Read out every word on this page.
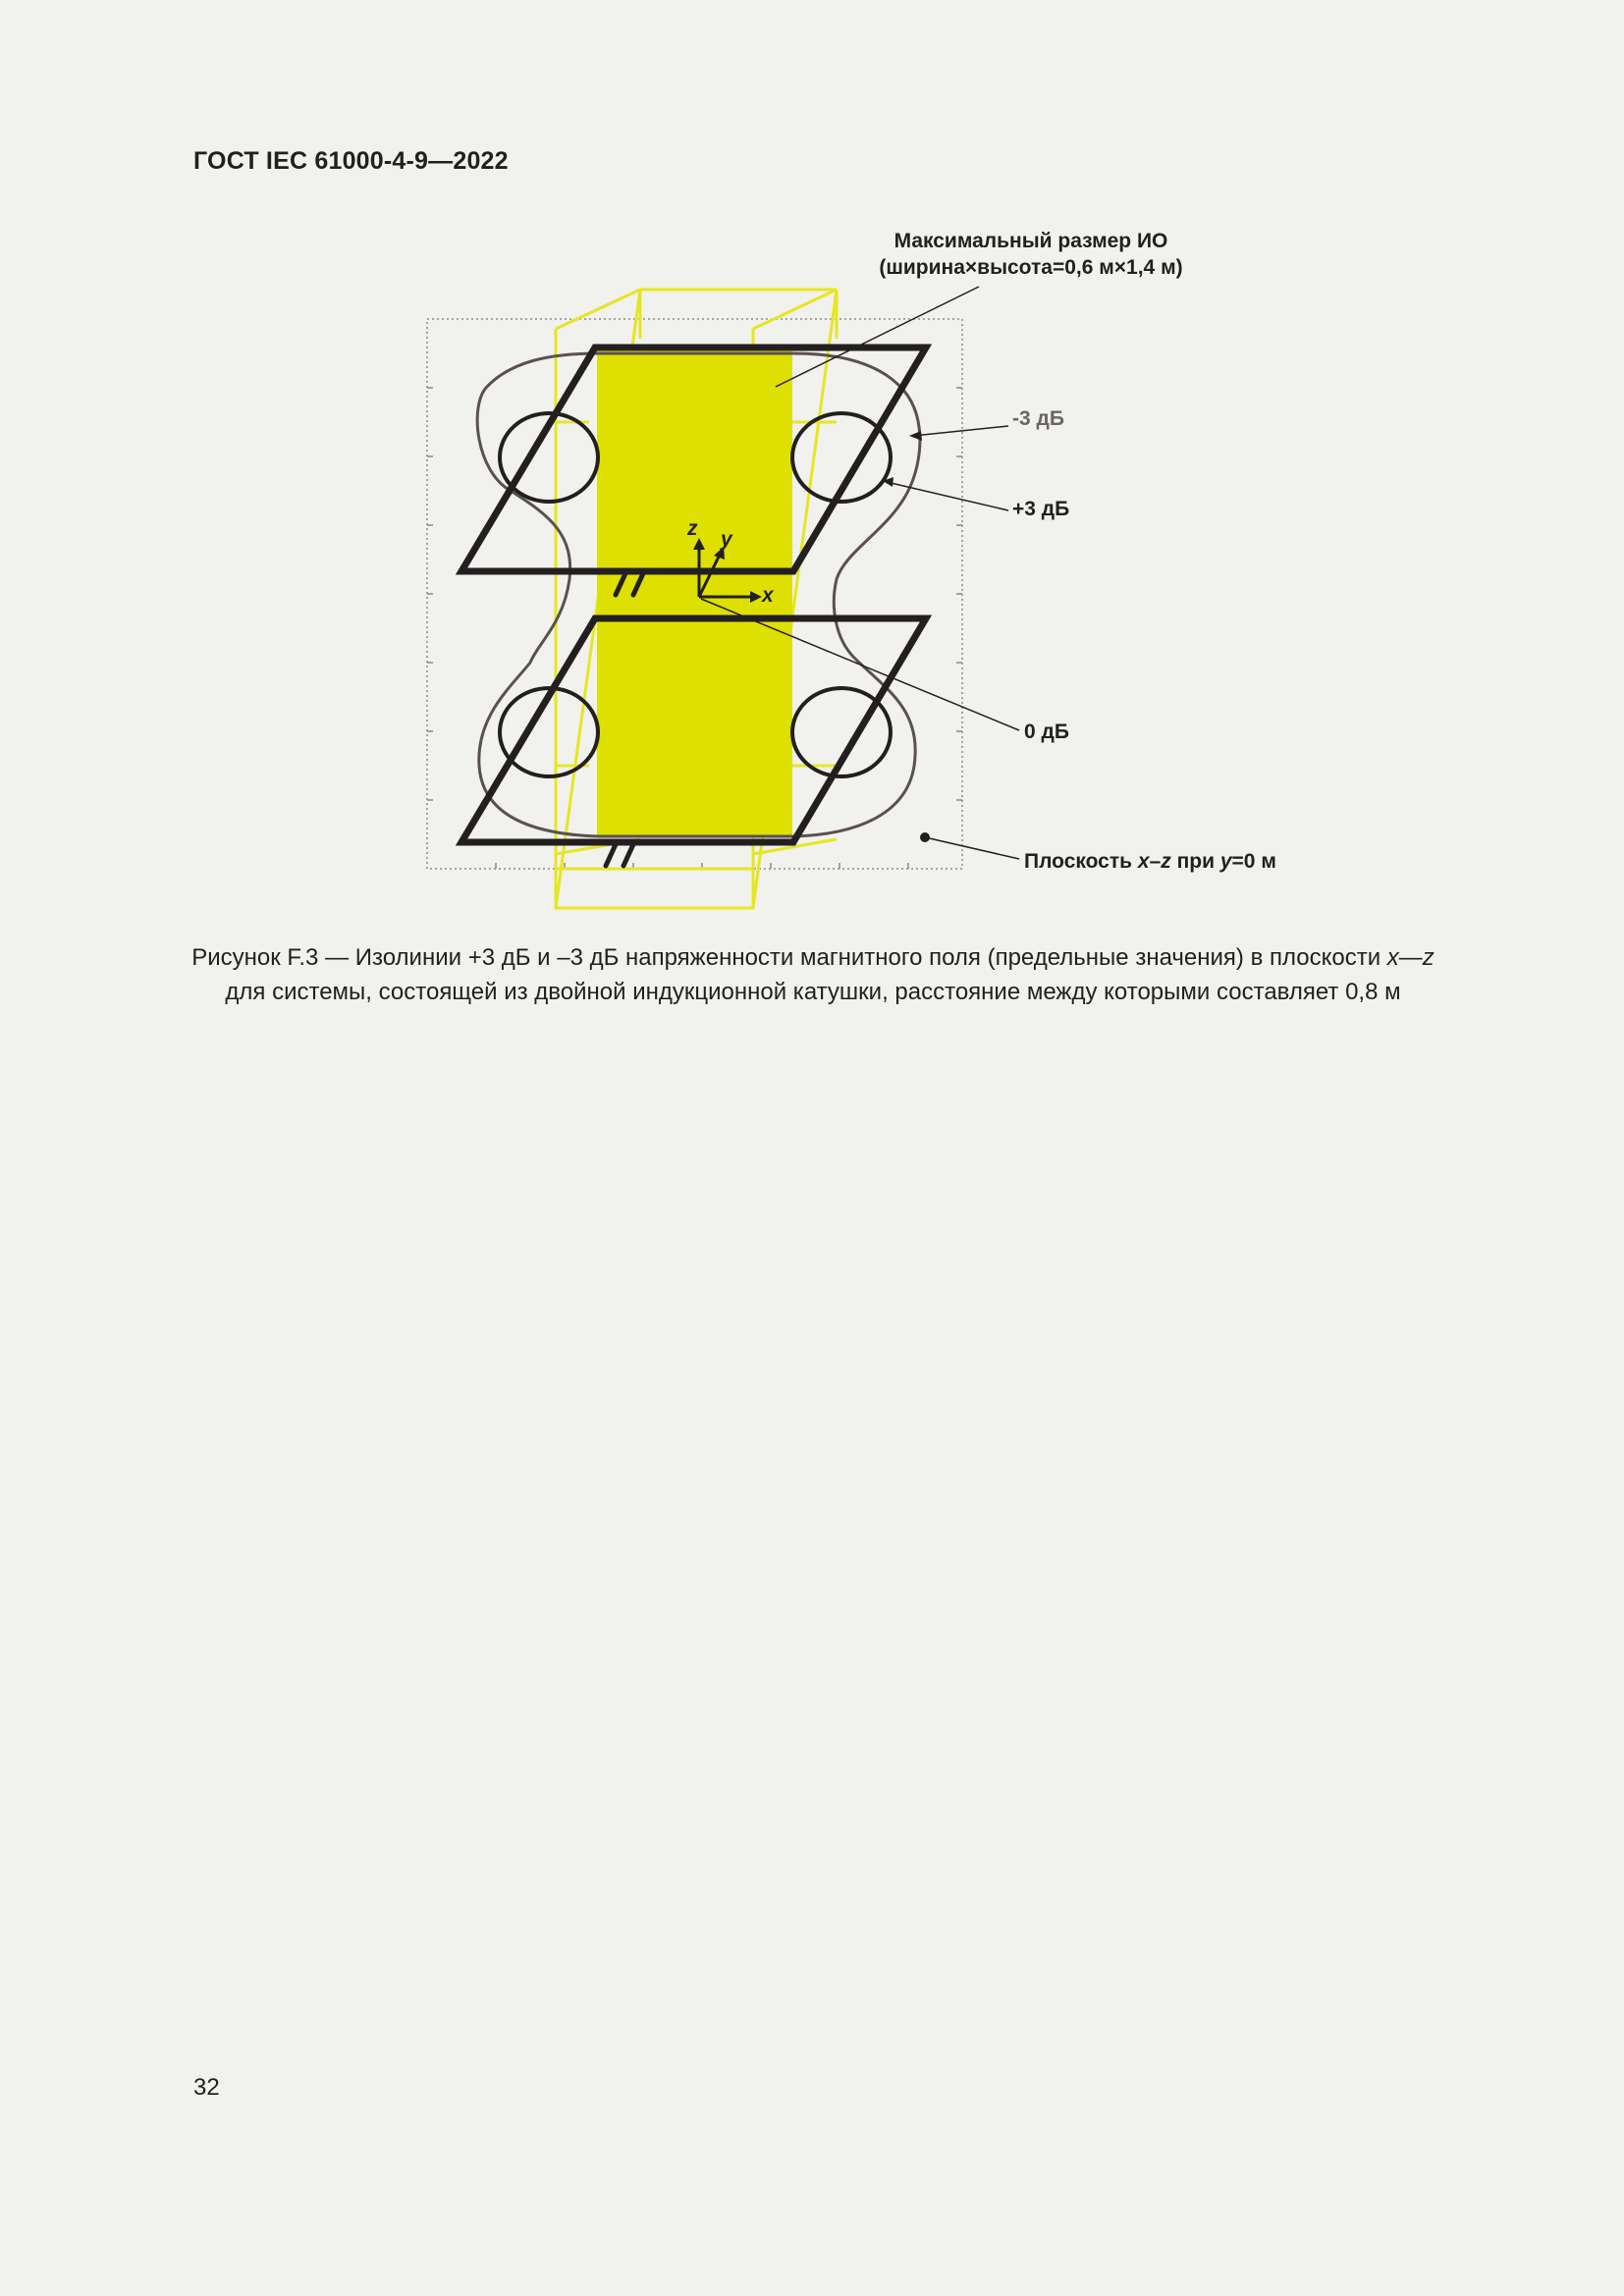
ГОСТ IEC 61000-4-9—2022
z y
x
Максимальный размер ИО
(ширина×высота=0,6 м×1,4 м)
-3 дБ
+3 дБ
0 дБ
Плоскость x–z при y=0 м
Рисунок F.3 — Изолинии +3 дБ и –3 дБ напряженности магнитного поля (предельные значения) в плоскости x—z
для системы, состоящей из двойной индукционной катушки, расстояние между которыми составляет 0,8 м
32
